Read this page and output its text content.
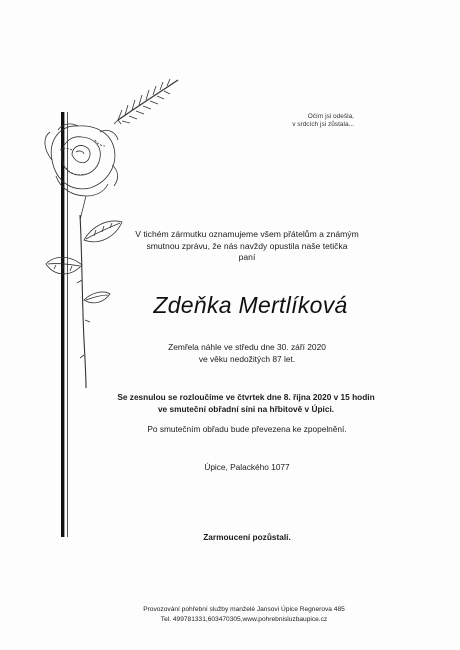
Očím jsi odešla,
v srdcích jsi zůstala...
V tichém zármutku oznamujeme všem přátelům a známým
smutnou zprávu, že nás navždy opustila naše tetička
paní
Zdeňka Mertlíková
Zemřela náhle ve středu dne 30. září 2020
ve věku nedožitých 87 let.
Se zesnulou se rozloučíme ve čtvrtek dne 8. října 2020 v 15 hodin
ve smuteční obřadní síni na hřbitově v Úpici.
Po smutečním obřadu bude převezena ke zpopelnění.
Úpice, Palackého 1077
Zarmoucení pozůstalí.
Provozování pohřební služby manželé Jansovi Úpice Regnerova 485
Tel. 499781331,603470305,www.pohrebnisluzbaupice.cz
